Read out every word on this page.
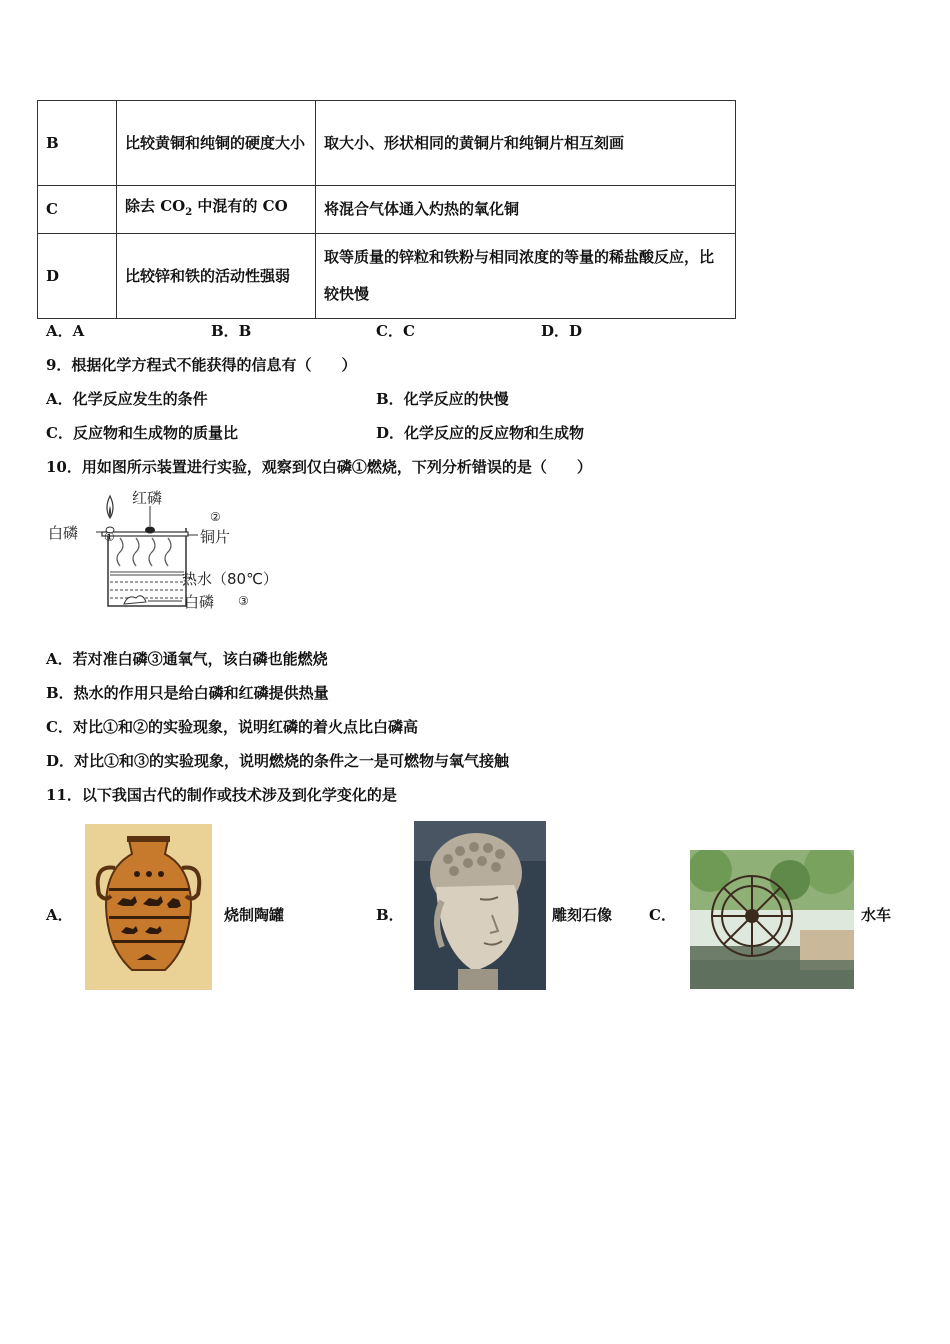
B	比较黄铜和纯铜的硬度大小	取大小、形状相同的黄铜片和纯铜片相互刻画
C	除去 $CO_2$ 中混有的 CO	将混合气体通入灼热的氧化铜
D	比较锌和铁的活动性强弱	取等质量的锌粒和铁粉与相同浓度的等量的稀盐酸反应，比较快慢
A．A	B．B	C．C	D．D
9．根据化学方程式不能获得的信息有（　　）
A．化学反应发生的条件	B．化学反应的快慢
C．反应物和生成物的质量比	D．化学反应的反应物和生成物
10．用如图所示装置进行实验，观察到仅白磷①燃烧，下列分析错误的是（　　）
红磷
白磷 ①
②
铜片
热水（80℃）
白磷 ③
A．若对准白磷③通氧气，该白磷也能燃烧
B．热水的作用只是给白磷和红磷提供热量
C．对比①和②的实验现象，说明红磷的着火点比白磷高
D．对比①和③的实验现象，说明燃烧的条件之一是可燃物与氧气接触
11．以下我国古代的制作或技术涉及到化学变化的是
A．	烧制陶罐	B．	雕刻石像 C．	水车
